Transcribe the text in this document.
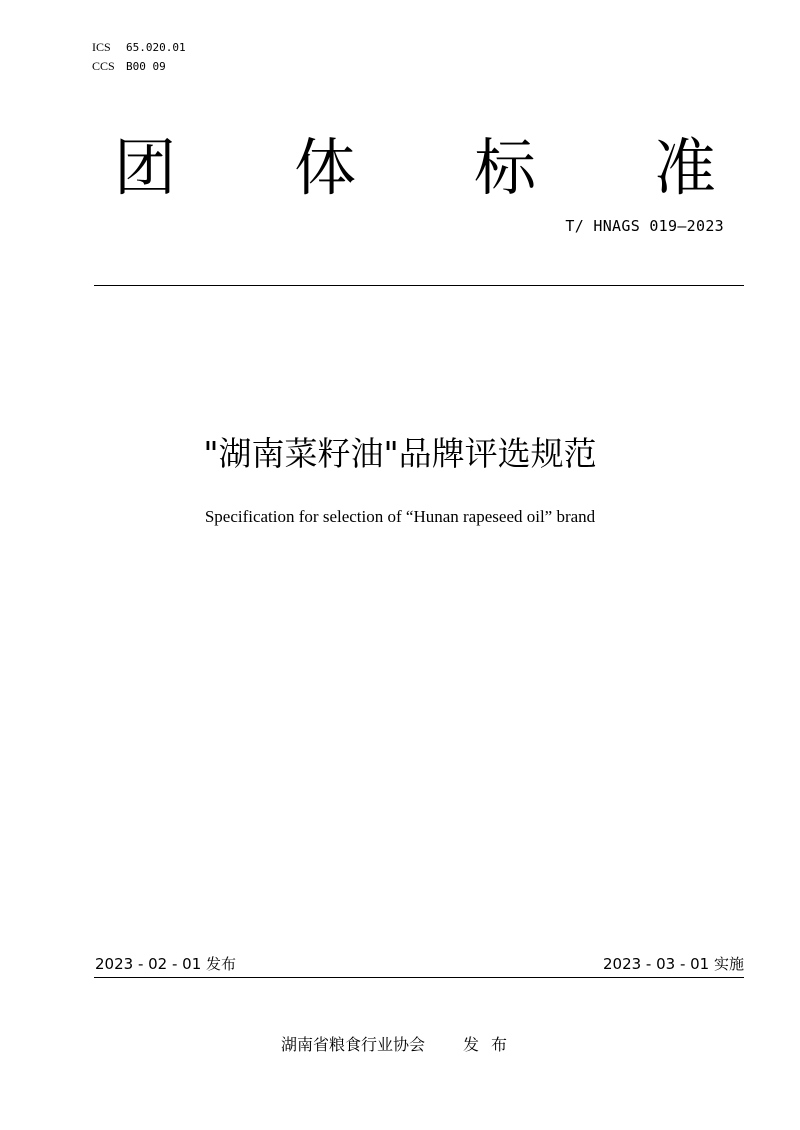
ICS 65.020.01
CCS B00 09
团 体 标 准
T/ HNAGS 019—2023
"湖南菜籽油"品牌评选规范
Specification for selection of “Hunan rapeseed oil” brand
2023 - 02 - 01 发布	2023 - 03 - 01 实施
湖南省粮食行业协会 发布
